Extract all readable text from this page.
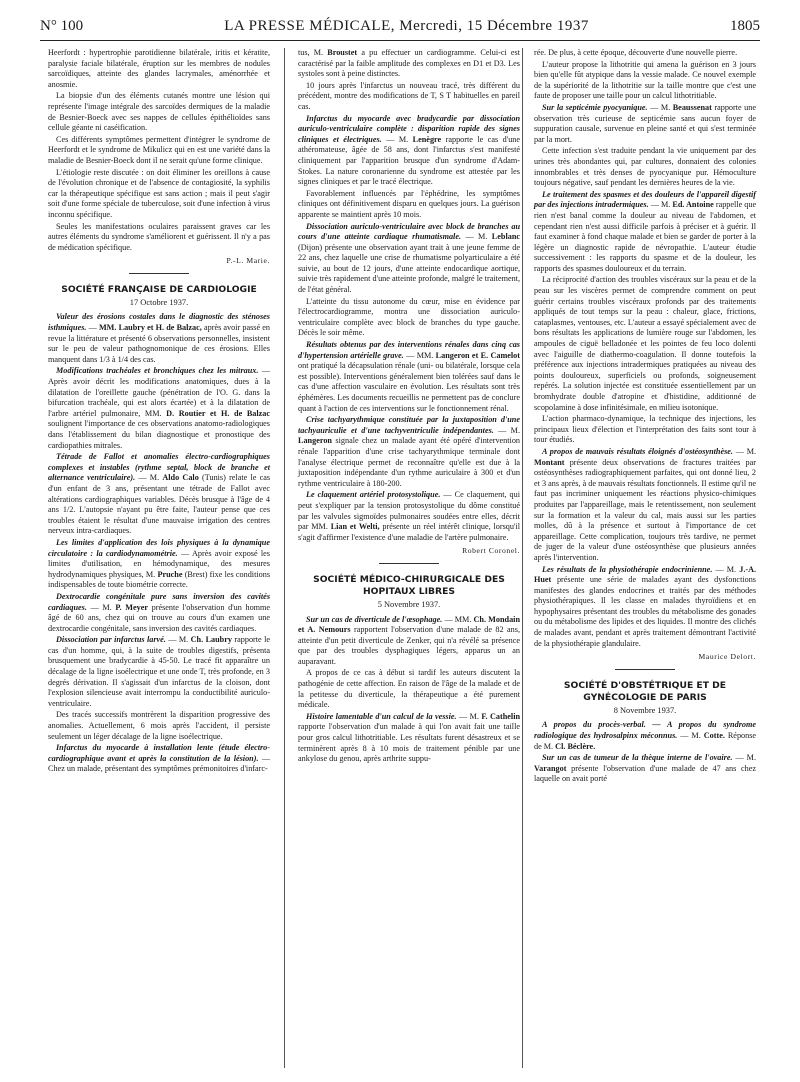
N° 100	LA PRESSE MÉDICALE, Mercredi, 15 Décembre 1937	1805

Heerfordt : hypertrophie parotidienne bilatérale, iritis et kératite, paralysie faciale bilatérale, éruption sur les membres de nodules sarcoïdiques, atteinte des glandes lacrymales, aménorrhée et anosmie.

La biopsie d'un des éléments cutanés montre une lésion qui représente l'image intégrale des sarcoïdes dermiques de la maladie de Besnier-Boeck avec ses nappes de cellules épithélioïdes sans cellule géante ni caséification.

Ces différents symptômes permettent d'intégrer le syndrome de Heerfordt et le syndrome de Mikulicz qui en est une variété dans la maladie de Besnier-Boeck dont il ne serait qu'une forme clinique.

L'étiologie reste discutée : on doit éliminer les oreillons à cause de l'évolution chronique et de l'absence de contagiosité, la syphilis car la thérapeutique spécifique est sans action ; mais il peut s'agir soit d'une forme spéciale de tuberculose, soit d'une infection à virus inconnu spécifique.

Seules les manifestations oculaires paraissent graves car les autres éléments du syndrome s'améliorent et guérissent. Il n'y a pas de médication spécifique.

P.-L. Marie.
SOCIÉTÉ FRANÇAISE DE CARDIOLOGIE
17 Octobre 1937.

Valeur des érosions costales dans le diagnostic des sténoses isthmiques. — MM. Laubry et H. de Balzac, après avoir passé en revue la littérature et présenté 6 observations personnelles, insistent sur le peu de valeur pathognomonique de ces érosions. Elles manquent dans 1/3 à 1/4 des cas.

Modifications trachéales et bronchiques chez les mitraux. — Après avoir décrit les modifications anatomiques, dues à la dilatation de l'oreillette gauche (pénétration de l'O. G. dans la bifurcation trachéale, qui est alors écartée) et à la dilatation de l'arbre artériel pulmonaire, MM. D. Routier et H. de Balzac soulignent l'importance de ces observations anatomo-radiologiques dans l'établissement du bilan diagnostique et pronostique des cardiopathies mitrales.

Tétrade de Fallot et anomalies électro-cardiographiques complexes et instables (rythme septal, block de branche et alternance ventriculaire). — M. Aldo Calo (Tunis) relate le cas d'un enfant de 3 ans, présentant une tétrade de Fallot avec altérations cardiographiques variables. Décès brusque à l'âge de 4 ans 1/2. L'autopsie n'ayant pu être faite, l'auteur pense que ces troubles étaient le résultat d'une mauvaise irrigation des centres nerveux intra-cardiaques.

Les limites d'application des lois physiques à la dynamique circulatoire : la cardiodynamométrie. — Après avoir exposé les limites d'utilisation, en hémodynamique, des mesures hydrodynamiques physiques, M. Pruche (Brest) fixe les conditions indispensables de toute biométrie correcte.

Dextrocardie congénitale pure sans inversion des cavités cardiaques. — M. P. Meyer présente l'observation d'un homme âgé de 60 ans, chez qui on trouve au cours d'un examen une dextrocardie congénitale, sans inversion des cavités cardiaques.

Dissociation par infarctus larvé. — M. Ch. Laubry rapporte le cas d'un homme, qui, à la suite de troubles digestifs, présenta brusquement une bradycardie à 45-50. Le tracé fit apparaître un décalage de la ligne isoélectrique et une onde T, très profonde, en 3 degrés dérivation. Il s'agissait d'un infarctus de la cloison, dont l'explosion silencieuse avait interrompu la conductibilité auriculo-ventriculaire.

Des tracés successifs montrèrent la disparition progressive des anomalies. Actuellement, 6 mois après l'accident, il persiste seulement un léger décalage de la ligne isoélectrique.

Infarctus du myocarde à installation lente (étude électro-cardiographique avant et après la constitution de la lésion). — Chez un malade, présentant des symptômes prémonitoires d'infarc-

tus, M. Broustet a pu effectuer un cardiogramme. Celui-ci est caractérisé par la faible amplitude des complexes en D1 et D3. Les systoles sont à peine distinctes.

10 jours après l'infarctus un nouveau tracé, très différent du précédent, montre des modifications de T, S T habituelles en pareil cas.

Infarctus du myocarde avec bradycardie par dissociation auriculo-ventriculaire complète : disparition rapide des signes cliniques et électriques. — M. Lenègre rapporte le cas d'une athéromateuse, âgée de 58 ans, dont l'infarctus s'est manifesté cliniquement par l'apparition brusque d'un syndrome d'Adam-Stokes. La nature coronarienne du syndrome est attestée par les signes cliniques et par le tracé électrique.

Favorablement influencés par l'éphédrine, les symptômes cliniques ont définitivement disparu en quelques jours. La guérison apparente se maintient après 10 mois.

Dissociation auriculo-ventriculaire avec block de branches au cours d'une atteinte cardiaque rhumatismale. — M. Leblanc (Dijon) présente une observation ayant trait à une jeune femme de 22 ans, chez laquelle une crise de rhumatisme polyarticulaire a été suivie, au bout de 12 jours, d'une atteinte endocardique aortique, suivie très rapidement d'une atteinte profonde, malgré le traitement, de l'état général.

L'atteinte du tissu autonome du cœur, mise en évidence par l'électrocardiogramme, montra une dissociation auriculo-ventriculaire complète avec block de branches du type gauche. Décès le soir même.

Résultats obtenus par des interventions rénales dans cinq cas d'hypertension artérielle grave. — MM. Langeron et E. Camelot ont pratiqué la décapsulation rénale (uni- ou bilatérale, lorsque cela est possible). Interventions généralement bien tolérées sauf dans le cas d'une affection vasculaire en évolution. Les résultats sont très éphémères. Les documents recueillis ne permettent pas de conclure quant à l'action de ces interventions sur le fonctionnement rénal.

Crise tachyarythmique constituée par la juxtaposition d'une tachyauriculie et d'une tachyventriculie indépendantes. — M. Langeron signale chez un malade ayant été opéré d'intervention rénale l'apparition d'une crise tachyarythmique terminale dont l'analyse électrique permet de reconnaître qu'elle est due à la juxtaposition indépendante d'un rythme auriculaire à 300 et d'un rythme ventriculaire à 180-200.

Le claquement artériel protosystolique. — Ce claquement, qui peut s'expliquer par la tension protosystolique du dôme constitué par les valvules sigmoïdes pulmonaires soudées entre elles, décrit par MM. Lian et Welti, présente un réel intérêt clinique, lorsqu'il s'agit d'affirmer l'existence d'une maladie de l'artère pulmonaire.

Robert Coronel.
SOCIÉTÉ MÉDICO-CHIRURGICALE DES HOPITAUX LIBRES
5 Novembre 1937.

Sur un cas de diverticule de l'œsophage. — MM. Ch. Mondain et A. Nemours rapportent l'observation d'une malade de 82 ans, atteinte d'un petit diverticule de Zenker, qui n'a révélé sa présence que par des troubles dysphagiques légers, apparus un an auparavant.

A propos de ce cas à début si tardif les auteurs discutent la pathogénie de cette affection. En raison de l'âge de la malade et de la petitesse du diverticule, la thérapeutique a été purement médicale.

Histoire lamentable d'un calcul de la vessie. — M. F. Cathelin rapporte l'observation d'un malade à qui l'on avait fait une taille pour gros calcul lithotritiable. Les résultats furent désastreux et se terminèrent après 8 à 10 mois de traitement pénible par une ankylose du genou, après arthrite suppu-

rée. De plus, à cette époque, découverte d'une nouvelle pierre.

L'auteur propose la lithotritie qui amena la guérison en 3 jours bien qu'elle fût atypique dans la vessie malade. Ce nouvel exemple de la supériorité de la lithotritie sur la taille montre que c'est une faute de proposer une taille pour un calcul lithotritiable.

Sur la septicémie pyocyanique. — M. Beaussenat rapporte une observation très curieuse de septicémie sans aucun foyer de suppuration causale, survenue en pleine santé et qui s'est terminée par la mort.

Cette infection s'est traduite pendant la vie uniquement par des urines très abondantes qui, par cultures, donnaient des colonies innombrables et très denses de pyocyanique pur. Hémoculture toujours négative, sauf pendant les dernières heures de la vie.

Le traitement des spasmes et des douleurs de l'appareil digestif par des injections intradermiques. — M. Ed. Antoine rappelle que rien n'est banal comme la douleur au niveau de l'abdomen, et cependant rien n'est aussi difficile parfois à préciser et à guérir. Il faut examiner à fond chaque malade et bien se garder de porter à la légère un diagnostic rapide de névropathie. L'auteur étudie successivement : les rapports du spasme et de la douleur, les rapports des spasmes douloureux et du terrain.

La réciprocité d'action des troubles viscéraux sur la peau et de la peau sur les viscères permet de comprendre comment on peut guérir certains troubles viscéraux profonds par des traitements appliqués de tout temps sur la peau : chaleur, glace, frictions, cataplasmes, ventouses, etc. L'auteur a essayé spécialement avec de bons résultats les applications de lumière rouge sur l'abdomen, les ampoules de ciguë belladonée et les pointes de feu loco dolenti avec l'aiguille de diathermo-coagulation. Il donne toutefois la préférence aux injections intradermiques pratiquées au niveau des points douloureux, superficiels ou profonds, soigneusement repérés. La solution injectée est constituée essentiellement par un bromhydrate double d'atropine et d'histidine, additionné de scopolamine à dose infinitésimale, en milieu isotonique.

L'action pharmaco-dynamique, la technique des injections, les principaux lieux d'élection et l'interprétation des faits sont tour à tour étudiés.

A propos de mauvais résultats éloignés d'ostéosynthèse. — M. Montant présente deux observations de fractures traitées par ostéosynthèses radiographiquement parfaites, qui ont donné lieu, 2 et 3 ans après, à de mauvais résultats fonctionnels. Il estime qu'il ne faut pas incriminer uniquement les réactions physico-chimiques produites par l'appareillage, mais le retentissement, non seulement sur la formation et la valeur du cal, mais aussi sur les parties molles, dû à la présence et surtout à l'importance de cet appareillage. Cette complication, toujours très tardive, ne permet de juger de la valeur d'une ostéosynthèse que plusieurs années après l'intervention.

Les résultats de la physiothérapie endocrinienne. — M. J.-A. Huet présente une série de malades ayant des dysfonctions manifestes des glandes endocrines et traités par des méthodes physiothérapiques. Il les classe en malades thyroïdiens et en hypophysaires présentant des troubles du métabolisme des gonades ou du métabolisme des lipides et des liquides. Il montre des clichés de malades avant, pendant et après traitement démontrant l'activité de la physiothérapie glandulaire.

Maurice Delort.
SOCIÉTÉ D'OBSTÉTRIQUE ET DE GYNÉCOLOGIE DE PARIS
8 Novembre 1937.

A propos du procès-verbal. — A propos du syndrome radiologique des hydrosalpinx méconnus. — M. Cotte. Réponse de M. Cl. Béclère.

Sur un cas de tumeur de la thèque interne de l'ovaire. — M. Varangot présente l'observation d'une malade de 47 ans chez laquelle on avait porté
